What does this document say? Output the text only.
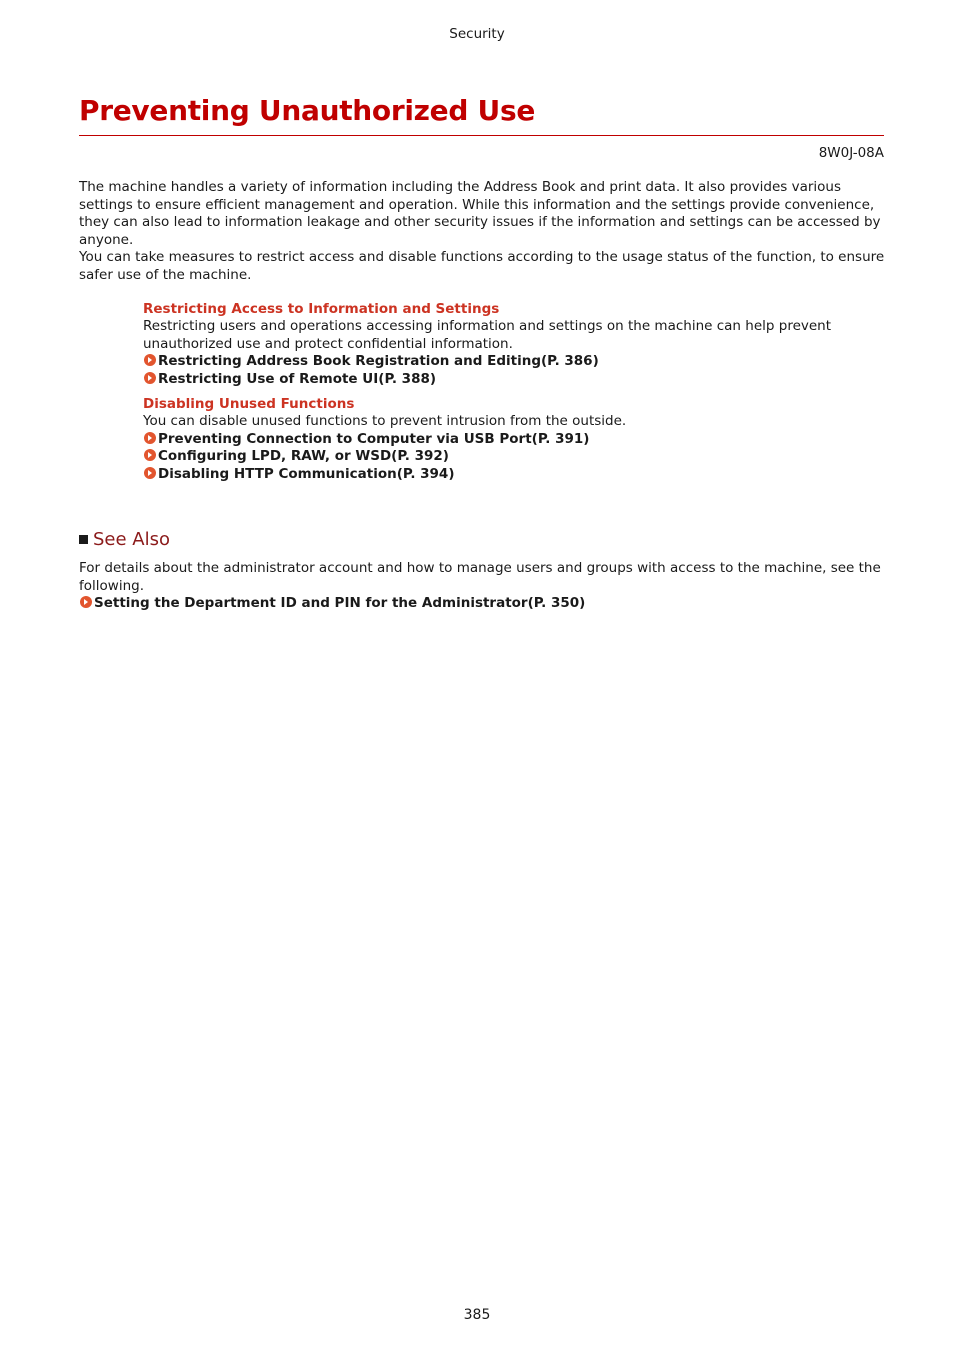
Security
Preventing Unauthorized Use
8W0J-08A

The machine handles a variety of information including the Address Book and print data. It also provides various settings to ensure efficient management and operation. While this information and the settings provide convenience, they can also lead to information leakage and other security issues if the information and settings can be accessed by anyone.

You can take measures to restrict access and disable functions according to the usage status of the function, to ensure safer use of the machine.

Restricting Access to Information and Settings
Restricting users and operations accessing information and settings on the machine can help prevent unauthorized use and protect confidential information.
Restricting Address Book Registration and Editing(P. 386)
Restricting Use of Remote UI(P. 388)
Disabling Unused Functions
You can disable unused functions to prevent intrusion from the outside.
Preventing Connection to Computer via USB Port(P. 391)
Configuring LPD, RAW, or WSD(P. 392)
Disabling HTTP Communication(P. 394)
See Also

For details about the administrator account and how to manage users and groups with access to the machine, see the following.

Setting the Department ID and PIN for the Administrator(P. 350)
385
